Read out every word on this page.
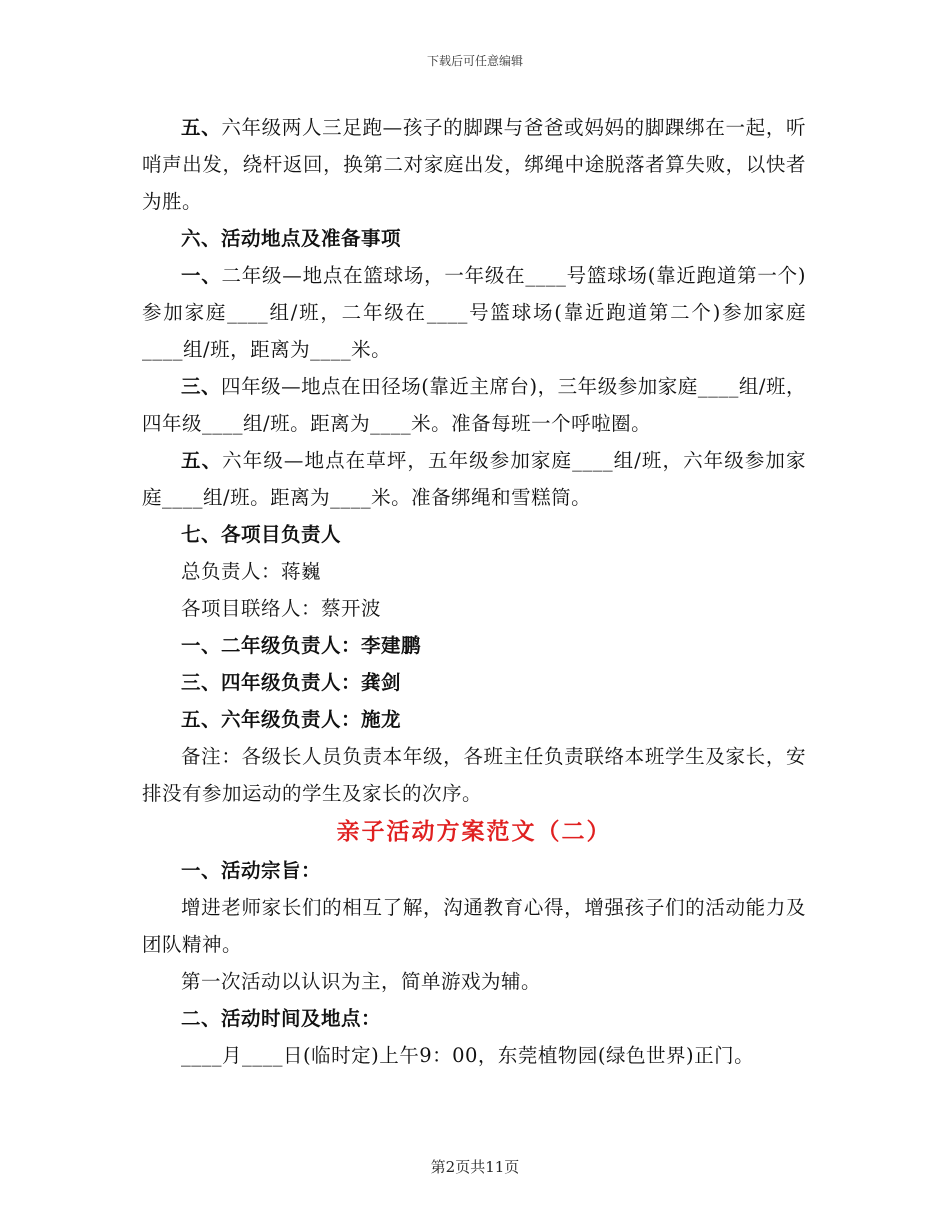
下载后可任意编辑

五、六年级两人三足跑—孩子的脚踝与爸爸或妈妈的脚踝绑在一起，听哨声出发，绕杆返回，换第二对家庭出发，绑绳中途脱落者算失败，以快者为胜。

六、活动地点及准备事项

一、二年级—地点在篮球场，一年级在____号篮球场(靠近跑道第一个)参加家庭____组/班，二年级在____号篮球场(靠近跑道第二个)参加家庭____组/班，距离为____米。

三、四年级—地点在田径场(靠近主席台)，三年级参加家庭____组/班，四年级____组/班。距离为____米。准备每班一个呼啦圈。

五、六年级—地点在草坪，五年级参加家庭____组/班，六年级参加家庭____组/班。距离为____米。准备绑绳和雪糕筒。

七、各项目负责人

总负责人：蒋巍

各项目联络人：蔡开波

一、二年级负责人：李建鹏

三、四年级负责人：龚剑

五、六年级负责人：施龙

备注：各级长人员负责本年级，各班主任负责联络本班学生及家长，安排没有参加运动的学生及家长的次序。

亲子活动方案范文（二）

一、活动宗旨：

增进老师家长们的相互了解，沟通教育心得，增强孩子们的活动能力及团队精神。

第一次活动以认识为主，简单游戏为辅。

二、活动时间及地点：

____月____日(临时定)上午9：00，东莞植物园(绿色世界)正门。

第2页共11页
